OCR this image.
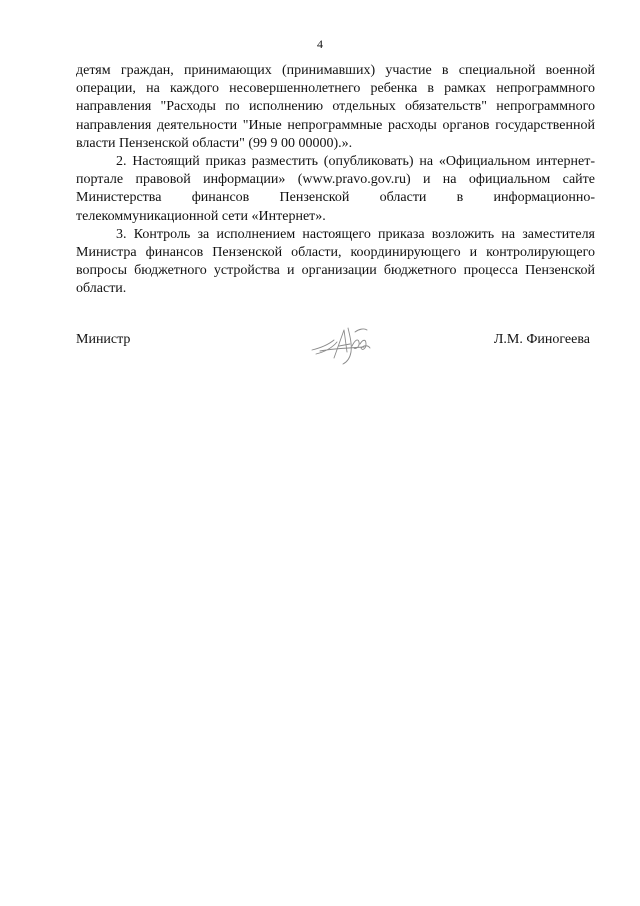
4

детям граждан, принимающих (принимавших) участие в специальной военной операции, на каждого несовершеннолетнего ребенка в рамках непрограммного направления "Расходы по исполнению отдельных обязательств" непрограммного направления деятельности "Иные непрограммные расходы органов государственной власти Пензенской области" (99 9 00 00000).».

2. Настоящий приказ разместить (опубликовать) на «Официальном интернет-портале правовой информации» (www.pravo.gov.ru) и на официальном сайте Министерства финансов Пензенской области в информационно-телекоммуникационной сети «Интернет».

3. Контроль за исполнением настоящего приказа возложить на заместителя Министра финансов Пензенской области, координирующего и контролирующего вопросы бюджетного устройства и организации бюджетного процесса Пензенской области.

Министр	Л.М. Финогеева
